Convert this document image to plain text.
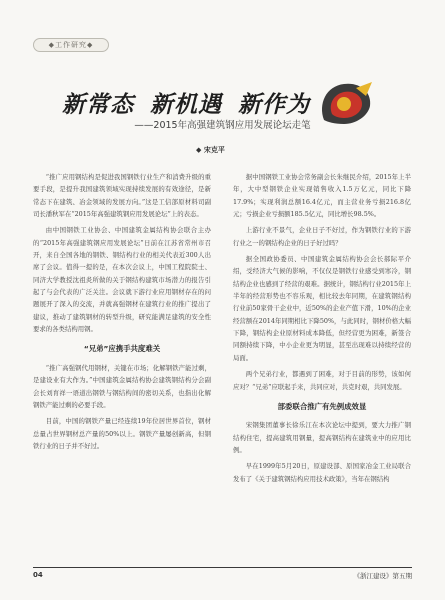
◆工作研究◆
新常态 新机遇 新作为
——2015年高强建筑钢应用发展论坛走笔
◆ 宋克平

“推广应用钢结构是促进我国钢铁行业生产和消费升级的重要手段，是提升我国建筑领域实现持续发展的有效途径，是新常态下在建筑、冶金领域的发展方向。”这是工信部原材料司副司长潘秋军在“2015年高强建筑钢应用发展论坛”上的表态。

由中国钢铁工业协会、中国建筑金属结构协会联合主办的“2015年高强建筑钢应用发展论坛”日前在江苏省常州市召开，来自全国各地的钢铁、钢结构行业的相关代表近300人出席了会议。值得一提的是，在本次会议上，中国工程院院士、同济大学教授沈祖炎所做的关于钢结构建筑市场潜力的报告引起了与会代表的广泛关注。会议就下游行业应用钢材存在的问题展开了深入的交流，并就高强钢材在建筑行业的推广提出了建议，推动了建筑钢材的转型升级，研究能满足建筑的安全性要求的各类结构用钢。

“兄弟”应携手共度难关

“推广高强钢代用钢材，关键在市场；化解钢铁产能过剩，是建设业有大作为。”中国建筑金属结构协会建筑钢结构分会副会长刘育祥一语道出钢铁与钢结构间的密切关系，也指出化解钢铁产能过剩的必要手段。

目前，中国的钢铁产量已经连续19年位居世界首位，钢材总量占世界钢材总产量的50%以上。钢铁产量屡创新高，但钢铁行业的日子并不好过。

据中国钢铁工业协会常务副会长朱继民介绍，2015年上半年，大中型钢铁企业实现销售收入1.5万亿元，同比下降17.9%；实现利润总额16.4亿元，而主营业务亏损216.8亿元；亏损企业亏损额185.5亿元，同比增长98.5%。

上游行业不景气，企业日子不好过，作为钢铁行业的下游行业之一的钢结构企业的日子好过吗？

据全国政协委员、中国建筑金属结构协会会长郝际平介绍，受经济大气候的影响，不仅仅是钢铁行业感受到寒冷，钢结构企业也感到了经营的艰难。据统计，钢结构行业2015年上半年的经营形势也不容乐观，相比较去年同期，在建筑钢结构行业前50家骨干企业中，近50%的企业产值下滑，10%的企业经营额在2014年同期相比下降50%，与此同时，钢材价格大幅下降，钢结构企业原材料成本降低，但经营更为困难，新签合同额持续下降，中小企业更为明显，甚至出现难以持续经营的局面。

两个兄弟行业，都遇到了困难，对于目前的形势，该如何应对？“兄弟”应联起手来，共同应对，共克时艰，共同发展。

部委联合推广有先例成效显

宋钢集团董事长徐乐江在本次论坛中提到，要大力推广钢结构住宅，提高建筑用钢量，提高钢结构在建筑业中的应用比例。

早在1999年5月20日，原建设部、原国家冶金工业局联合发布了《关于建筑钢结构应用技术政策》，当年在钢结构

04	《浙江建设》第五期
